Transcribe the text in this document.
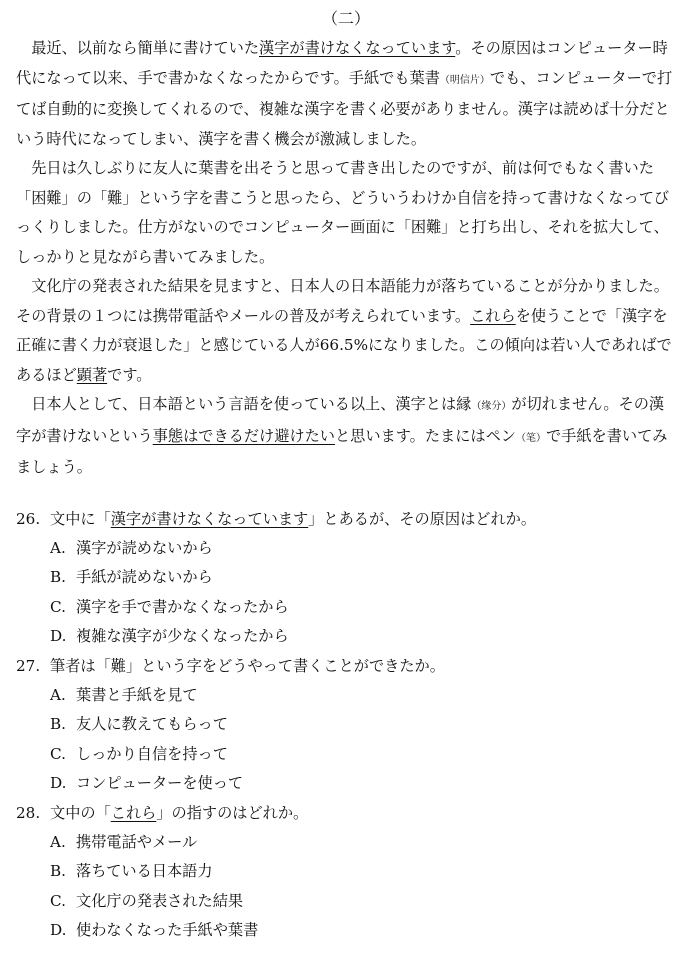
（二）
　最近、以前なら簡単に書けていた漢字が書けなくなっています。その原因はコンピューター時代になって以来、手で書かなくなったからです。手紙でも葉書（明信片）でも、コンピューターで打てば自動的に変換してくれるので、複雑な漢字を書く必要がありません。漢字は読めば十分だという時代になってしまい、漢字を書く機会が激減しました。
　先日は久しぶりに友人に葉書を出そうと思って書き出したのですが、前は何でもなく書いた「困難」の「難」という字を書こうと思ったら、どういうわけか自信を持って書けなくなってびっくりしました。仕方がないのでコンピューター画面に「困難」と打ち出し、それを拡大して、しっかりと見ながら書いてみました。
　文化庁の発表された結果を見ますと、日本人の日本語能力が落ちていることが分かりました。その背景の１つには携帯電話やメールの普及が考えられています。これらを使うことで「漢字を正確に書く力が衰退した」と感じている人が66.5%になりました。この傾向は若い人であればであるほど顕著です。
　日本人として、日本語という言語を使っている以上、漢字とは縁（缘分）が切れません。その漢字が書けないという事態はできるだけ避けたいと思います。たまにはペン（笔）で手紙を書いてみましょう。
26. 文中に「漢字が書けなくなっています」とあるが、その原因はどれか。
A. 漢字が読めないから
B. 手紙が読めないから
C. 漢字を手で書かなくなったから
D. 複雑な漢字が少なくなったから
27. 筆者は「難」という字をどうやって書くことができたか。
A. 葉書と手紙を見て
B. 友人に教えてもらって
C. しっかり自信を持って
D. コンピューターを使って
28. 文中の「これら」の指すのはどれか。
A. 携帯電話やメール
B. 落ちている日本語力
C. 文化庁の発表された結果
D. 使わなくなった手紙や葉書
